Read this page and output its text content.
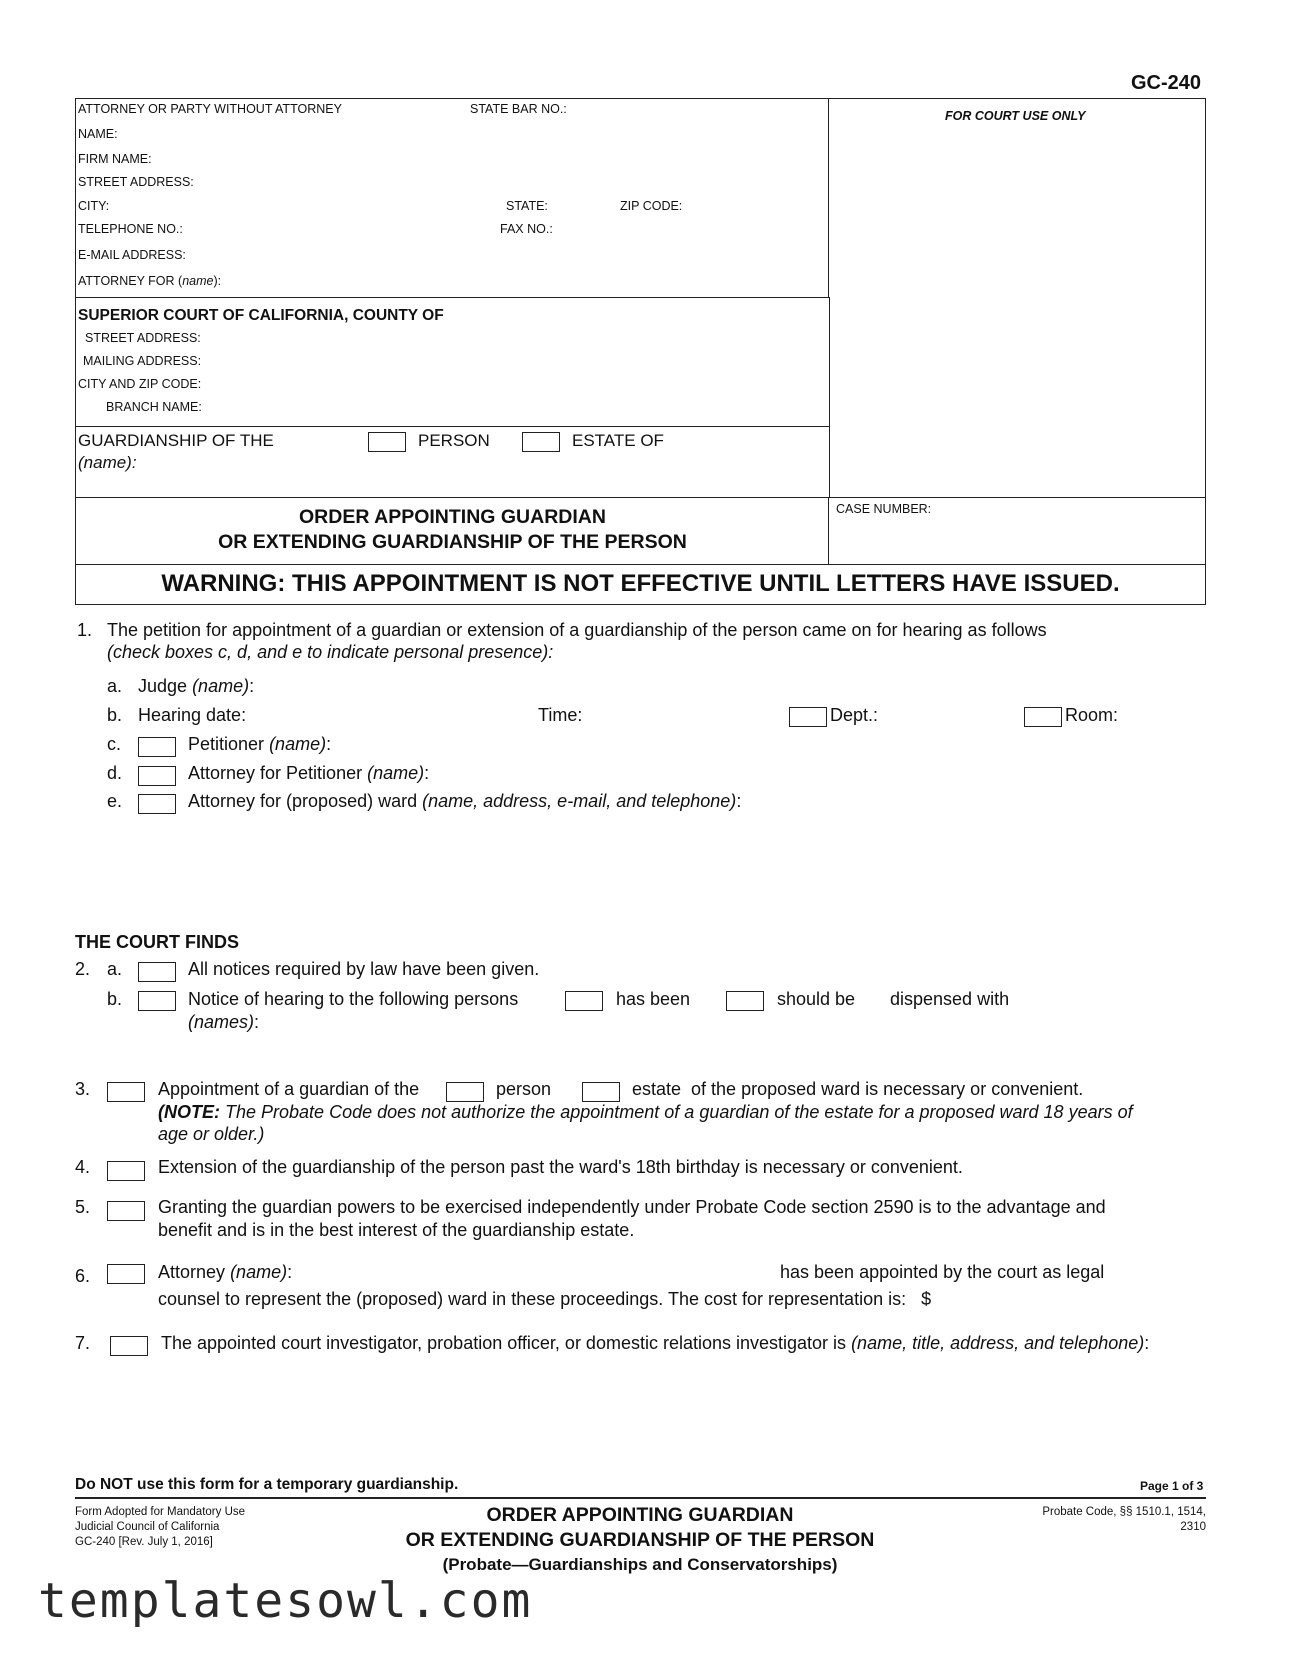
GC-240
ATTORNEY OR PARTY WITHOUT ATTORNEY	STATE BAR NO.:
NAME:
FIRM NAME:
STREET ADDRESS:
CITY:	STATE:	ZIP CODE:
TELEPHONE NO.:	FAX NO.:
E-MAIL ADDRESS:
ATTORNEY FOR (name):
FOR COURT USE ONLY
SUPERIOR COURT OF CALIFORNIA, COUNTY OF
STREET ADDRESS:
MAILING ADDRESS:
CITY AND ZIP CODE:
BRANCH NAME:
GUARDIANSHIP OF THE
(name):
PERSON	ESTATE OF
ORDER APPOINTING GUARDIAN
OR EXTENDING GUARDIANSHIP OF THE PERSON
CASE NUMBER:
WARNING: THIS APPOINTMENT IS NOT EFFECTIVE UNTIL LETTERS HAVE ISSUED.
1. The petition for appointment of a guardian or extension of a guardianship of the person came on for hearing as follows
(check boxes c, d, and e to indicate personal presence):
a. Judge (name):
b. Hearing date:	Time:	Dept.:	Room:
c.	Petitioner (name):
d.	Attorney for Petitioner (name):
e.	Attorney for (proposed) ward (name, address, e-mail, and telephone):
THE COURT FINDS
2. a.	All notices required by law have been given.
b.	Notice of hearing to the following persons	has been	should be dispensed with
(names):
3.	Appointment of a guardian of the	person	estate  of the proposed ward is necessary or convenient.
(NOTE: The Probate Code does not authorize the appointment of a guardian of the estate for a proposed ward 18 years of
age or older.)
4.	Extension of the guardianship of the person past the ward's 18th birthday is necessary or convenient.
5.	Granting the guardian powers to be exercised independently under Probate Code section 2590 is to the advantage and
benefit and is in the best interest of the guardianship estate.
6.	Attorney (name):	has been appointed by the court as legal
counsel to represent the (proposed) ward in these proceedings. The cost for representation is:   $
7.	The appointed court investigator, probation officer, or domestic relations investigator is (name, title, address, and telephone):
Do NOT use this form for a temporary guardianship.	Page 1 of 3
Form Adopted for Mandatory Use
Judicial Council of California
GC-240 [Rev. July 1, 2016]
ORDER APPOINTING GUARDIAN
OR EXTENDING GUARDIANSHIP OF THE PERSON
(Probate—Guardianships and Conservatorships)
Probate Code, §§ 1510.1, 1514,
2310
templatesowl.com
